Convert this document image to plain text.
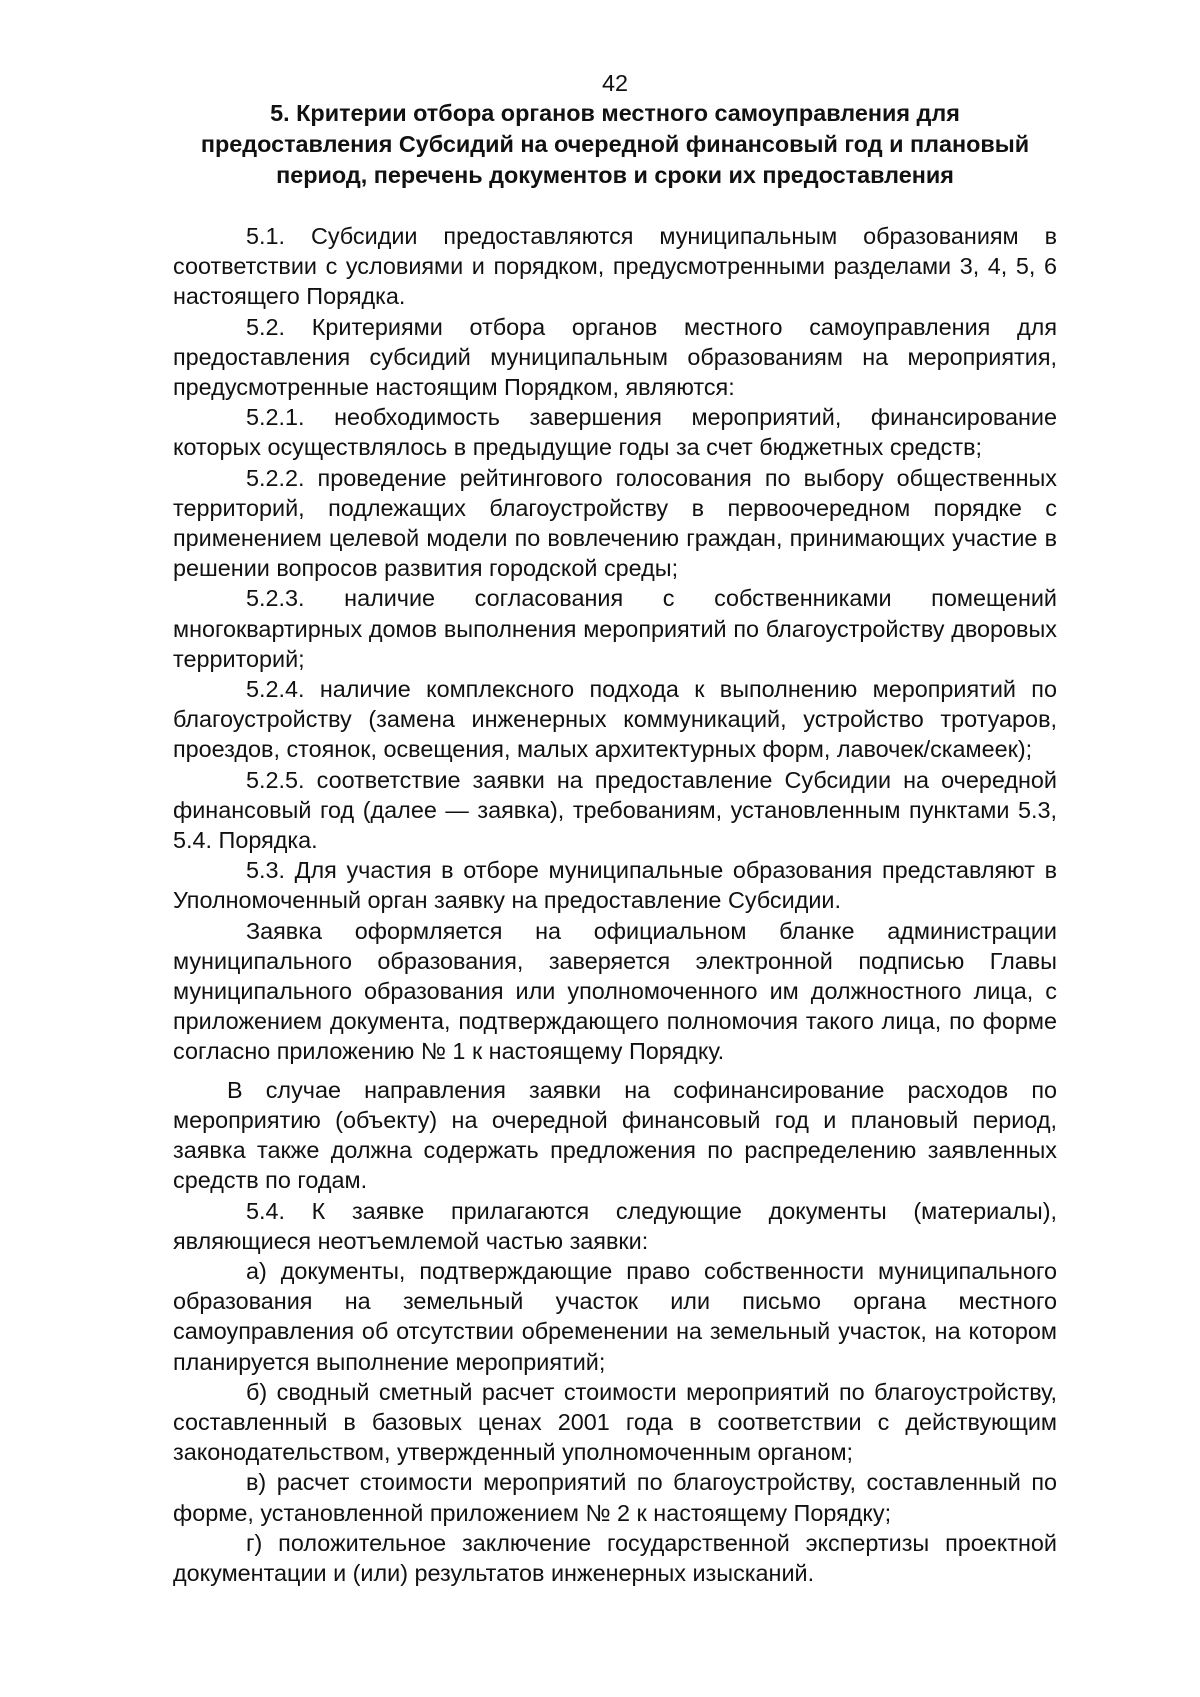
42

5. Критерии отбора органов местного самоуправления для предоставления Субсидий на очередной финансовый год и плановый период, перечень документов и сроки их предоставления

5.1. Субсидии предоставляются муниципальным образованиям в соответствии с условиями и порядком, предусмотренными разделами 3, 4, 5, 6 настоящего Порядка.

5.2. Критериями отбора органов местного самоуправления для предоставления субсидий муниципальным образованиям на мероприятия, предусмотренные настоящим Порядком, являются:

5.2.1. необходимость завершения мероприятий, финансирование которых осуществлялось в предыдущие годы за счет бюджетных средств;

5.2.2. проведение рейтингового голосования по выбору общественных территорий, подлежащих благоустройству в первоочередном порядке с применением целевой модели по вовлечению граждан, принимающих участие в решении вопросов развития городской среды;

5.2.3. наличие согласования с собственниками помещений многоквартирных домов выполнения мероприятий по благоустройству дворовых территорий;

5.2.4. наличие комплексного подхода к выполнению мероприятий по благоустройству (замена инженерных коммуникаций, устройство тротуаров, проездов, стоянок, освещения, малых архитектурных форм, лавочек/скамеек);

5.2.5. соответствие заявки на предоставление Субсидии на очередной финансовый год (далее — заявка), требованиям, установленным пунктами 5.3, 5.4. Порядка.

5.3. Для участия в отборе муниципальные образования представляют в Уполномоченный орган заявку на предоставление Субсидии.

Заявка оформляется на официальном бланке администрации муниципального образования, заверяется электронной подписью Главы муниципального образования или уполномоченного им должностного лица, с приложением документа, подтверждающего полномочия такого лица, по форме согласно приложению № 1 к настоящему Порядку.

В случае направления заявки на софинансирование расходов по мероприятию (объекту) на очередной финансовый год и плановый период, заявка также должна содержать предложения по распределению заявленных средств по годам.

5.4. К заявке прилагаются следующие документы (материалы), являющиеся неотъемлемой частью заявки:

а) документы, подтверждающие право собственности муниципального образования на земельный участок или письмо органа местного самоуправления об отсутствии обременении на земельный участок, на котором планируется выполнение мероприятий;

б) сводный сметный расчет стоимости мероприятий по благоустройству, составленный в базовых ценах 2001 года в соответствии с действующим законодательством, утвержденный уполномоченным органом;

в) расчет стоимости мероприятий по благоустройству, составленный по форме, установленной приложением № 2 к настоящему Порядку;

г) положительное заключение государственной экспертизы проектной документации и (или) результатов инженерных изысканий.
